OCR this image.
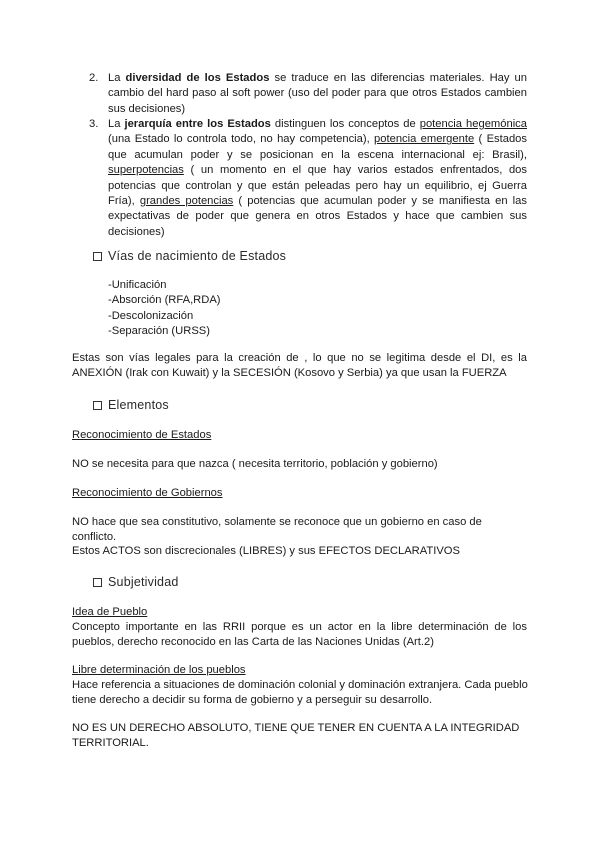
2. La diversidad de los Estados se traduce en las diferencias materiales. Hay un cambio del hard paso al soft power (uso del poder para que otros Estados cambien sus decisiones)
3. La jerarquía entre los Estados distinguen los conceptos de potencia hegemónica (una Estado lo controla todo, no hay competencia), potencia emergente ( Estados que acumulan poder y se posicionan en la escena internacional ej: Brasil), superpotencias ( un momento en el que hay varios estados enfrentados, dos potencias que controlan y que están peleadas pero hay un equilibrio, ej Guerra Fría), grandes potencias ( potencias que acumulan poder y se manifiesta en las expectativas de poder que genera en otros Estados y hace que cambien sus decisiones)
Vías de nacimiento de Estados
-Unificación
-Absorción (RFA,RDA)
-Descolonización
-Separación (URSS)
Estas son vías legales para la creación de , lo que no se legitima desde el DI, es la ANEXIÓN (Irak con Kuwait) y la SECESIÓN (Kosovo y Serbia) ya que usan la FUERZA
Elementos
Reconocimiento de Estados
NO se necesita para que nazca ( necesita territorio, población y gobierno)
Reconocimiento de Gobiernos
NO hace que sea constitutivo, solamente se reconoce que un gobierno en caso de conflicto.
Estos ACTOS son discrecionales (LIBRES) y sus EFECTOS DECLARATIVOS
Subjetividad
Idea de Pueblo
Concepto importante en las RRII porque es un actor en la libre determinación de los pueblos, derecho reconocido en las Carta de las Naciones Unidas (Art.2)
Libre determinación de los pueblos
Hace referencia a situaciones de dominación colonial y dominación extranjera. Cada pueblo tiene derecho a decidir su forma de gobierno y a perseguir su desarrollo.
NO ES UN DERECHO ABSOLUTO, TIENE QUE TENER EN CUENTA A LA INTEGRIDAD TERRITORIAL.
